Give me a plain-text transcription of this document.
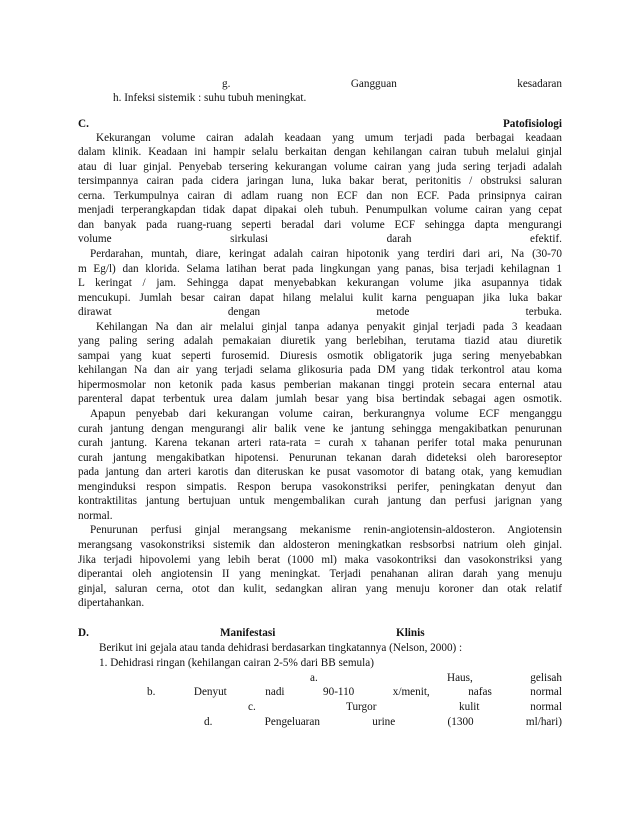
g.	Gangguan	kesadaran
h. Infeksi sistemik : suhu tubuh meningkat.
C.	Patofisiologi
Kekurangan volume cairan adalah keadaan yang umum terjadi pada berbagai keadaan
dalam klinik. Keadaan ini hampir selalu berkaitan dengan kehilangan cairan tubuh melalui ginjal
atau di luar ginjal. Penyebab tersering kekurangan volume cairan yang juda sering terjadi adalah
tersimpannya cairan pada cidera jaringan luna, luka bakar berat, peritonitis / obstruksi saluran
cerna. Terkumpulnya cairan di adlam ruang non ECF dan non ECF. Pada prinsipnya cairan
menjadi terperangkapdan tidak dapat dipakai oleh tubuh. Penumpulkan volume cairan yang cepat
dan banyak pada ruang-ruang seperti beradal dari volume ECF sehingga dapta mengurangi
volume	sirkulasi	darah	efektif.
Perdarahan, muntah, diare, keringat adalah cairan hipotonik yang terdiri dari ari, Na (30-70
m Eg/l) dan klorida. Selama latihan berat pada lingkungan yang panas, bisa terjadi kehilagnan 1
L keringat / jam. Sehingga dapat menyebabkan kekurangan volume jika asupannya tidak
mencukupi. Jumlah besar cairan dapat hilang melalui kulit karna penguapan jika luka bakar
dirawat	dengan	metode	terbuka.
Kehilangan Na dan air melalui ginjal tanpa adanya penyakit ginjal terjadi pada 3 keadaan
yang paling sering adalah pemakaian diuretik yang berlebihan, terutama tiazid atau diuretik
sampai yang kuat seperti furosemid. Diuresis osmotik obligatorik juga sering menyebabkan
kehilangan Na dan air yang terjadi selama glikosuria pada DM yang tidak terkontrol atau koma
hipermosmolar non ketonik pada kasus pemberian makanan tinggi protein secara enternal atau
parenteral dapat terbentuk urea dalam jumlah besar yang bisa bertindak sebagai agen osmotik.
Apapun penyebab dari kekurangan volume cairan, berkurangnya volume ECF menganggu
curah jantung dengan mengurangi alir balik vene ke jantung sehingga mengakibatkan penurunan
curah jantung. Karena tekanan arteri rata-rata = curah x tahanan perifer total maka penurunan
curah jantung mengakibatkan hipotensi. Penurunan tekanan darah dideteksi oleh baroreseptor
pada jantung dan arteri karotis dan diteruskan ke pusat vasomotor di batang otak, yang kemudian
menginduksi respon simpatis. Respon berupa vasokonstriksi perifer, peningkatan denyut dan
kontraktilitas jantung bertujuan untuk mengembalikan curah jantung dan perfusi jarignan yang
normal.
Penurunan perfusi ginjal merangsang mekanisme renin-angiotensin-aldosteron. Angiotensin
merangsang vasokonstriksi sistemik dan aldosteron meningkatkan resbsorbsi natrium oleh ginjal.
Jika terjadi hipovolemi yang lebih berat (1000 ml) maka vasokontriksi dan vasokonstriksi yang
diperantai oleh angiotensin II yang meningkat. Terjadi penahanan aliran darah yang menuju
ginjal, saluran cerna, otot dan kulit, sedangkan aliran yang menuju koroner dan otak relatif
dipertahankan.
D.	Manifestasi	Klinis
Berikut ini gejala atau tanda dehidrasi berdasarkan tingkatannya (Nelson, 2000) :
1. Dehidrasi ringan (kehilangan cairan 2-5% dari BB semula)
a.	Haus,	gelisah
b.	Denyut	nadi	90-110	x/menit,	nafas	normal
c.	Turgor	kulit	normal
d.	Pengeluaran	urine	(1300	ml/hari)
